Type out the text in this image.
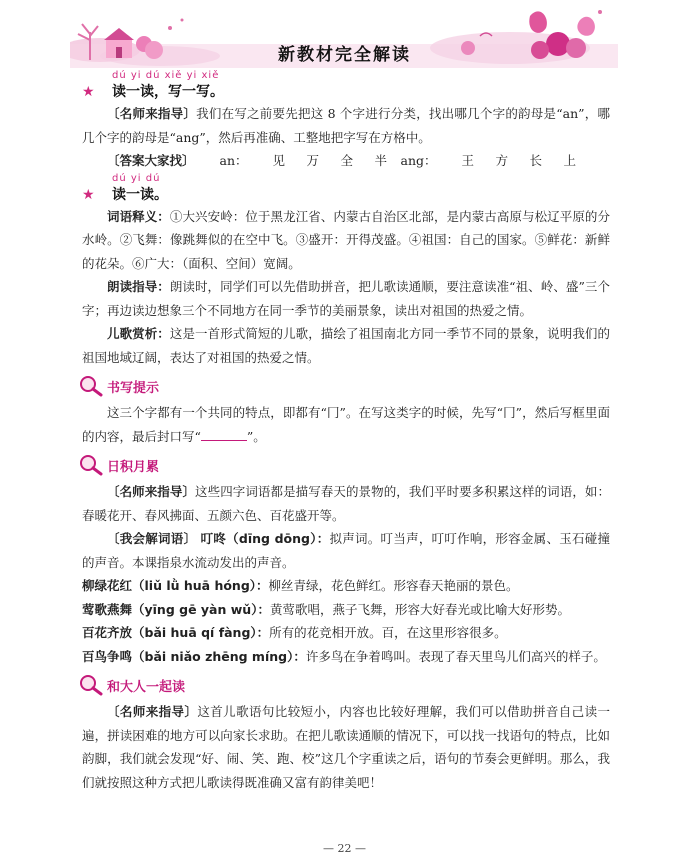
新教材完全解读
dú yi dú xiě yi xiě
★	读一读，写一写。

〔名师来指导〕我们在写之前要先把这 8 个字进行分类，找出哪几个字的韵母是“an”，哪几个字的韵母是“ang”，然后再准确、工整地把字写在方格中。

〔答案大家找〕 an： 见 万 全 半 ang： 王 方 长 上

dú yi dú
★	读一读。

词语释义：①大兴安岭：位于黑龙江省、内蒙古自治区北部，是内蒙古高原与松辽平原的分水岭。②飞舞：像跳舞似的在空中飞。③盛开：开得茂盛。④祖国：自己的国家。⑤鲜花：新鲜的花朵。⑥广大：（面积、空间）宽阔。

朗读指导：朗读时，同学们可以先借助拼音，把儿歌读通顺，要注意读准“祖、岭、盛”三个字；再边读边想象三个不同地方在同一季节的美丽景象，读出对祖国的热爱之情。

儿歌赏析：这是一首形式简短的儿歌，描绘了祖国南北方同一季节不同的景象，说明我们的祖国地域辽阔，表达了对祖国的热爱之情。

书写提示

这三个字都有一个共同的特点，即都有“冂”。在写这类字的时候，先写“冂”，然后写框里面的内容，最后封口写“	”。

日积月累

〔名师来指导〕这些四字词语都是描写春天的景物的，我们平时要多积累这样的词语，如：春暖花开、春风拂面、五颜六色、百花盛开等。

〔我会解词语〕 叮咚（dīng dōng）：拟声词。叮当声，叮叮作响，形容金属、玉石碰撞的声音。本课指泉水流动发出的声音。

柳绿花红（liǔ lǜ huā hóng）：柳丝青绿，花色鲜红。形容春天艳丽的景色。

莺歌燕舞（yīng gē yàn wǔ）：黄莺歌唱，燕子飞舞，形容大好春光或比喻大好形势。

百花齐放（bǎi huā qí fàng）：所有的花竞相开放。百，在这里形容很多。

百鸟争鸣（bǎi niǎo zhēng míng）：许多鸟在争着鸣叫。表现了春天里鸟儿们高兴的样子。

和大人一起读

〔名师来指导〕这首儿歌语句比较短小，内容也比较好理解，我们可以借助拼音自己读一遍，拼读困难的地方可以向家长求助。在把儿歌读通顺的情况下，可以找一找语句的特点，比如韵脚，我们就会发现“好、闹、笑、跑、校”这几个字重读之后，语句的节奏会更鲜明。那么，我们就按照这种方式把儿歌读得既准确又富有韵律美吧！

— 22 —
